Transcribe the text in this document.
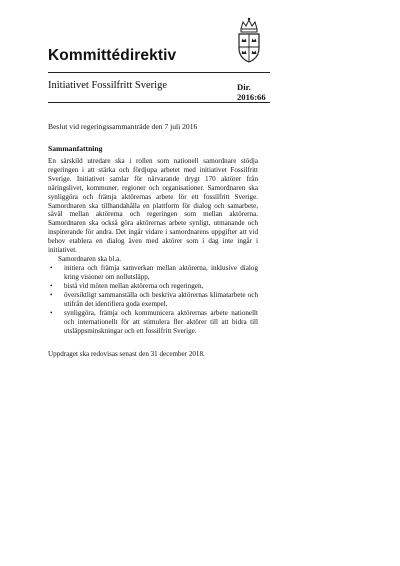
Kommittédirektiv
Initiativet Fossilfritt Sverige	Dir.
2016:66
Beslut vid regeringssammanträde den 7 juli 2016
Sammanfattning

En särskild utredare ska i rollen som nationell samordnare stödja regeringen i att stärka och fördjupa arbetet med initiativet Fossilfritt Sverige. Initiativet samlar för närvarande drygt 170 aktörer från näringslivet, kommuner, regioner och organisationer. Samordnaren ska synliggöra och främja aktörernas arbete för ett fossilfritt Sverige. Samordnaren ska tillhandahålla en plattform för dialog och samarbete, såväl mellan aktörerna och regeringen som mellan aktörerna. Samordnaren ska också göra aktörernas arbete synligt, utmanande och inspirerande för andra. Det ingår vidare i samordnarens uppgifter att vid behov etablera en dialog även med aktörer som i dag inte ingår i initiativet.

Samordnaren ska bl.a.

• initiera och främja samverkan mellan aktörerna, inklusive dialog kring visioner om nollutsläpp,
• bistå vid möten mellan aktörerna och regeringen,
• översiktligt sammanställa och beskriva aktörernas klimatarbete och utifrån det identifiera goda exempel,
• synliggöra, främja och kommunicera aktörernas arbete nationellt och internationellt för att stimulera fler aktörer till att bidra till utsläppsminskningar och ett fossilfritt Sverige.
Uppdraget ska redovisas senast den 31 december 2018.
